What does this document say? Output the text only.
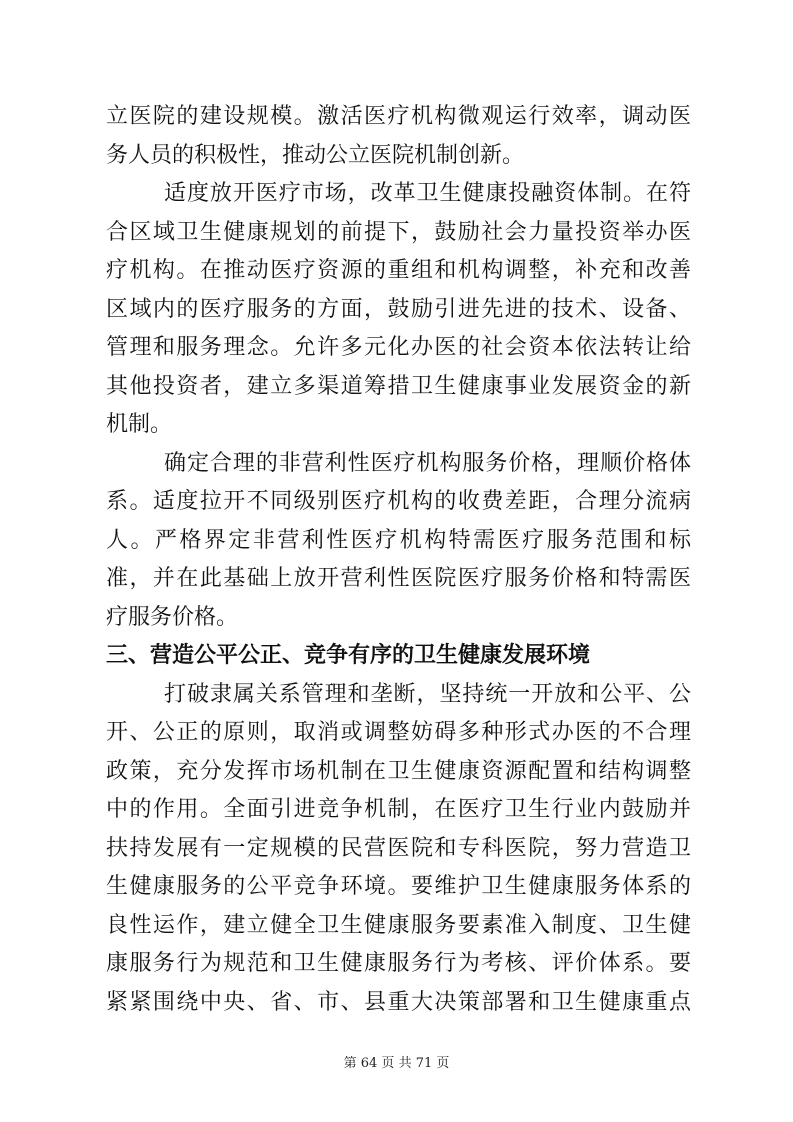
立医院的建设规模。激活医疗机构微观运行效率，调动医
务人员的积极性，推动公立医院机制创新。
适度放开医疗市场，改革卫生健康投融资体制。在符
合区域卫生健康规划的前提下，鼓励社会力量投资举办医
疗机构。在推动医疗资源的重组和机构调整，补充和改善
区域内的医疗服务的方面，鼓励引进先进的技术、设备、
管理和服务理念。允许多元化办医的社会资本依法转让给
其他投资者，建立多渠道筹措卫生健康事业发展资金的新
机制。
确定合理的非营利性医疗机构服务价格，理顺价格体
系。适度拉开不同级别医疗机构的收费差距，合理分流病
人。严格界定非营利性医疗机构特需医疗服务范围和标
准，并在此基础上放开营利性医院医疗服务价格和特需医
疗服务价格。
三、营造公平公正、竞争有序的卫生健康发展环境
打破隶属关系管理和垄断，坚持统一开放和公平、公
开、公正的原则，取消或调整妨碍多种形式办医的不合理
政策，充分发挥市场机制在卫生健康资源配置和结构调整
中的作用。全面引进竞争机制，在医疗卫生行业内鼓励并
扶持发展有一定规模的民营医院和专科医院，努力营造卫
生健康服务的公平竞争环境。要维护卫生健康服务体系的
良性运作，建立健全卫生健康服务要素准入制度、卫生健
康服务行为规范和卫生健康服务行为考核、评价体系。要
紧紧围绕中央、省、市、县重大决策部署和卫生健康重点
第 64 页 共 71 页
